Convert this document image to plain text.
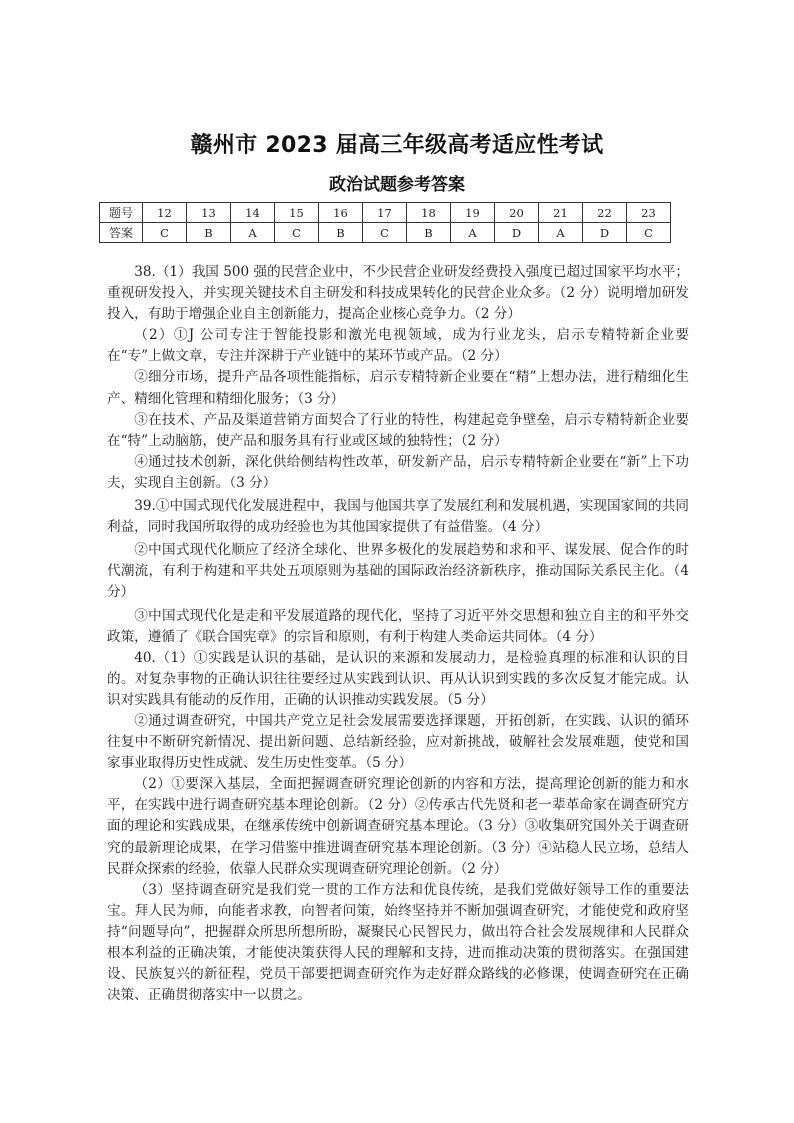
赣州市 2023 届高三年级高考适应性考试
政治试题参考答案
题号	12	13	14	15	16	17	18	19	20	21	22	23
答案	C	B	A	C	B	C	B	A	D	A	D	C

38.（1）我国 500 强的民营企业中，不少民营企业研发经费投入强度已超过国家平均水平；重视研发投入，并实现关键技术自主研发和科技成果转化的民营企业众多。（2 分）说明增加研发投入，有助于增强企业自主创新能力，提高企业核心竞争力。（2 分）

（2）①J 公司专注于智能投影和激光电视领域，成为行业龙头，启示专精特新企业要在“专”上做文章，专注并深耕于产业链中的某环节或产品。（2 分）

②细分市场，提升产品各项性能指标，启示专精特新企业要在“精”上想办法，进行精细化生产、精细化管理和精细化服务；（3 分）

③在技术、产品及渠道营销方面契合了行业的特性，构建起竞争壁垒，启示专精特新企业要在“特”上动脑筋，使产品和服务具有行业或区域的独特性；（2 分）

④通过技术创新，深化供给侧结构性改革，研发新产品，启示专精特新企业要在“新”上下功夫，实现自主创新。（3 分）

39.①中国式现代化发展进程中，我国与他国共享了发展红利和发展机遇，实现国家间的共同利益，同时我国所取得的成功经验也为其他国家提供了有益借鉴。（4 分）

②中国式现代化顺应了经济全球化、世界多极化的发展趋势和求和平、谋发展、促合作的时代潮流，有利于构建和平共处五项原则为基础的国际政治经济新秩序，推动国际关系民主化。（4 分）

③中国式现代化是走和平发展道路的现代化，坚持了习近平外交思想和独立自主的和平外交政策，遵循了《联合国宪章》的宗旨和原则，有利于构建人类命运共同体。（4 分）

40.（1）①实践是认识的基础，是认识的来源和发展动力，是检验真理的标准和认识的目的。对复杂事物的正确认识往往要经过从实践到认识、再从认识到实践的多次反复才能完成。认识对实践具有能动的反作用，正确的认识推动实践发展。（5 分）

②通过调查研究，中国共产党立足社会发展需要选择课题，开拓创新，在实践、认识的循环往复中不断研究新情况、提出新问题、总结新经验，应对新挑战，破解社会发展难题，使党和国家事业取得历史性成就、发生历史性变革。（5 分）

（2）①要深入基层，全面把握调查研究理论创新的内容和方法，提高理论创新的能力和水平，在实践中进行调查研究基本理论创新。（2 分）②传承古代先贤和老一辈革命家在调查研究方面的理论和实践成果，在继承传统中创新调查研究基本理论。（3 分）③收集研究国外关于调查研究的最新理论成果，在学习借鉴中推进调查研究基本理论创新。（3 分）④站稳人民立场，总结人民群众探索的经验，依靠人民群众实现调查研究理论创新。（2 分）

（3）坚持调查研究是我们党一贯的工作方法和优良传统，是我们党做好领导工作的重要法宝。拜人民为师，向能者求教，向智者问策，始终坚持并不断加强调查研究，才能使党和政府坚持“问题导向”，把握群众所思所想所盼，凝聚民心民智民力，做出符合社会发展规律和人民群众根本利益的正确决策，才能使决策获得人民的理解和支持，进而推动决策的贯彻落实。在强国建设、民族复兴的新征程，党员干部要把调查研究作为走好群众路线的必修课，使调查研究在正确决策、正确贯彻落实中一以贯之。
